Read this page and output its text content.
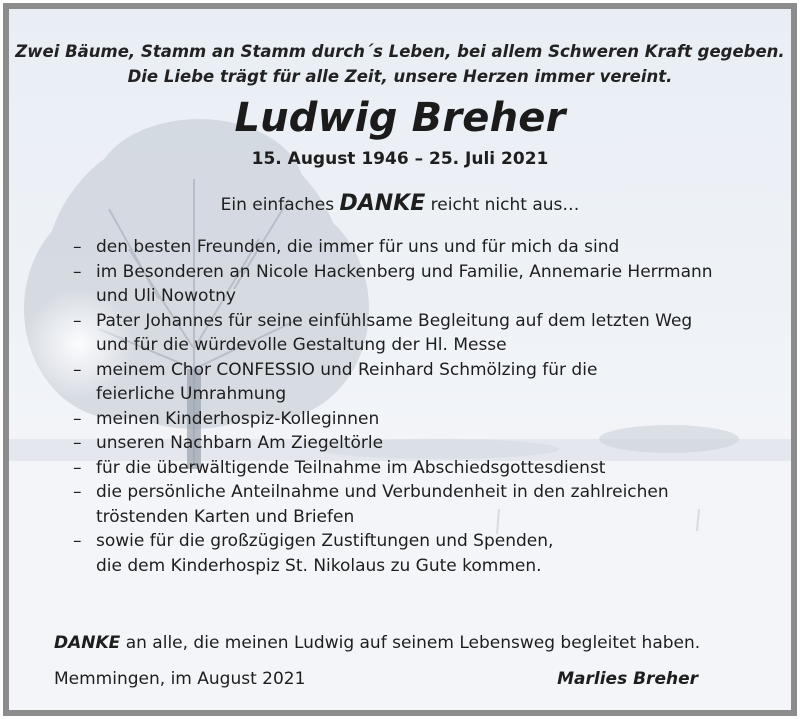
Zwei Bäume, Stamm an Stamm durch´s Leben, bei allem Schweren Kraft gegeben.
Die Liebe trägt für alle Zeit, unsere Herzen immer vereint.
Ludwig Breher
15. August 1946 – 25. Juli 2021
Ein einfaches DANKE reicht nicht aus…
– den besten Freunden, die immer für uns und für mich da sind
– im Besonderen an Nicole Hackenberg und Familie, Annemarie Herrmann
und Uli Nowotny
– Pater Johannes für seine einfühlsame Begleitung auf dem letzten Weg
und für die würdevolle Gestaltung der Hl. Messe
– meinem Chor CONFESSIO und Reinhard Schmölzing für die
feierliche Umrahmung
– meinen Kinderhospiz-Kolleginnen
– unseren Nachbarn Am Ziegeltörle
– für die überwältigende Teilnahme im Abschiedsgottesdienst
– die persönliche Anteilnahme und Verbundenheit in den zahlreichen
tröstenden Karten und Briefen
– sowie für die großzügigen Zustiftungen und Spenden,
die dem Kinderhospiz St. Nikolaus zu Gute kommen.
DANKE an alle, die meinen Ludwig auf seinem Lebensweg begleitet haben.
Memmingen, im August 2021	Marlies Breher
